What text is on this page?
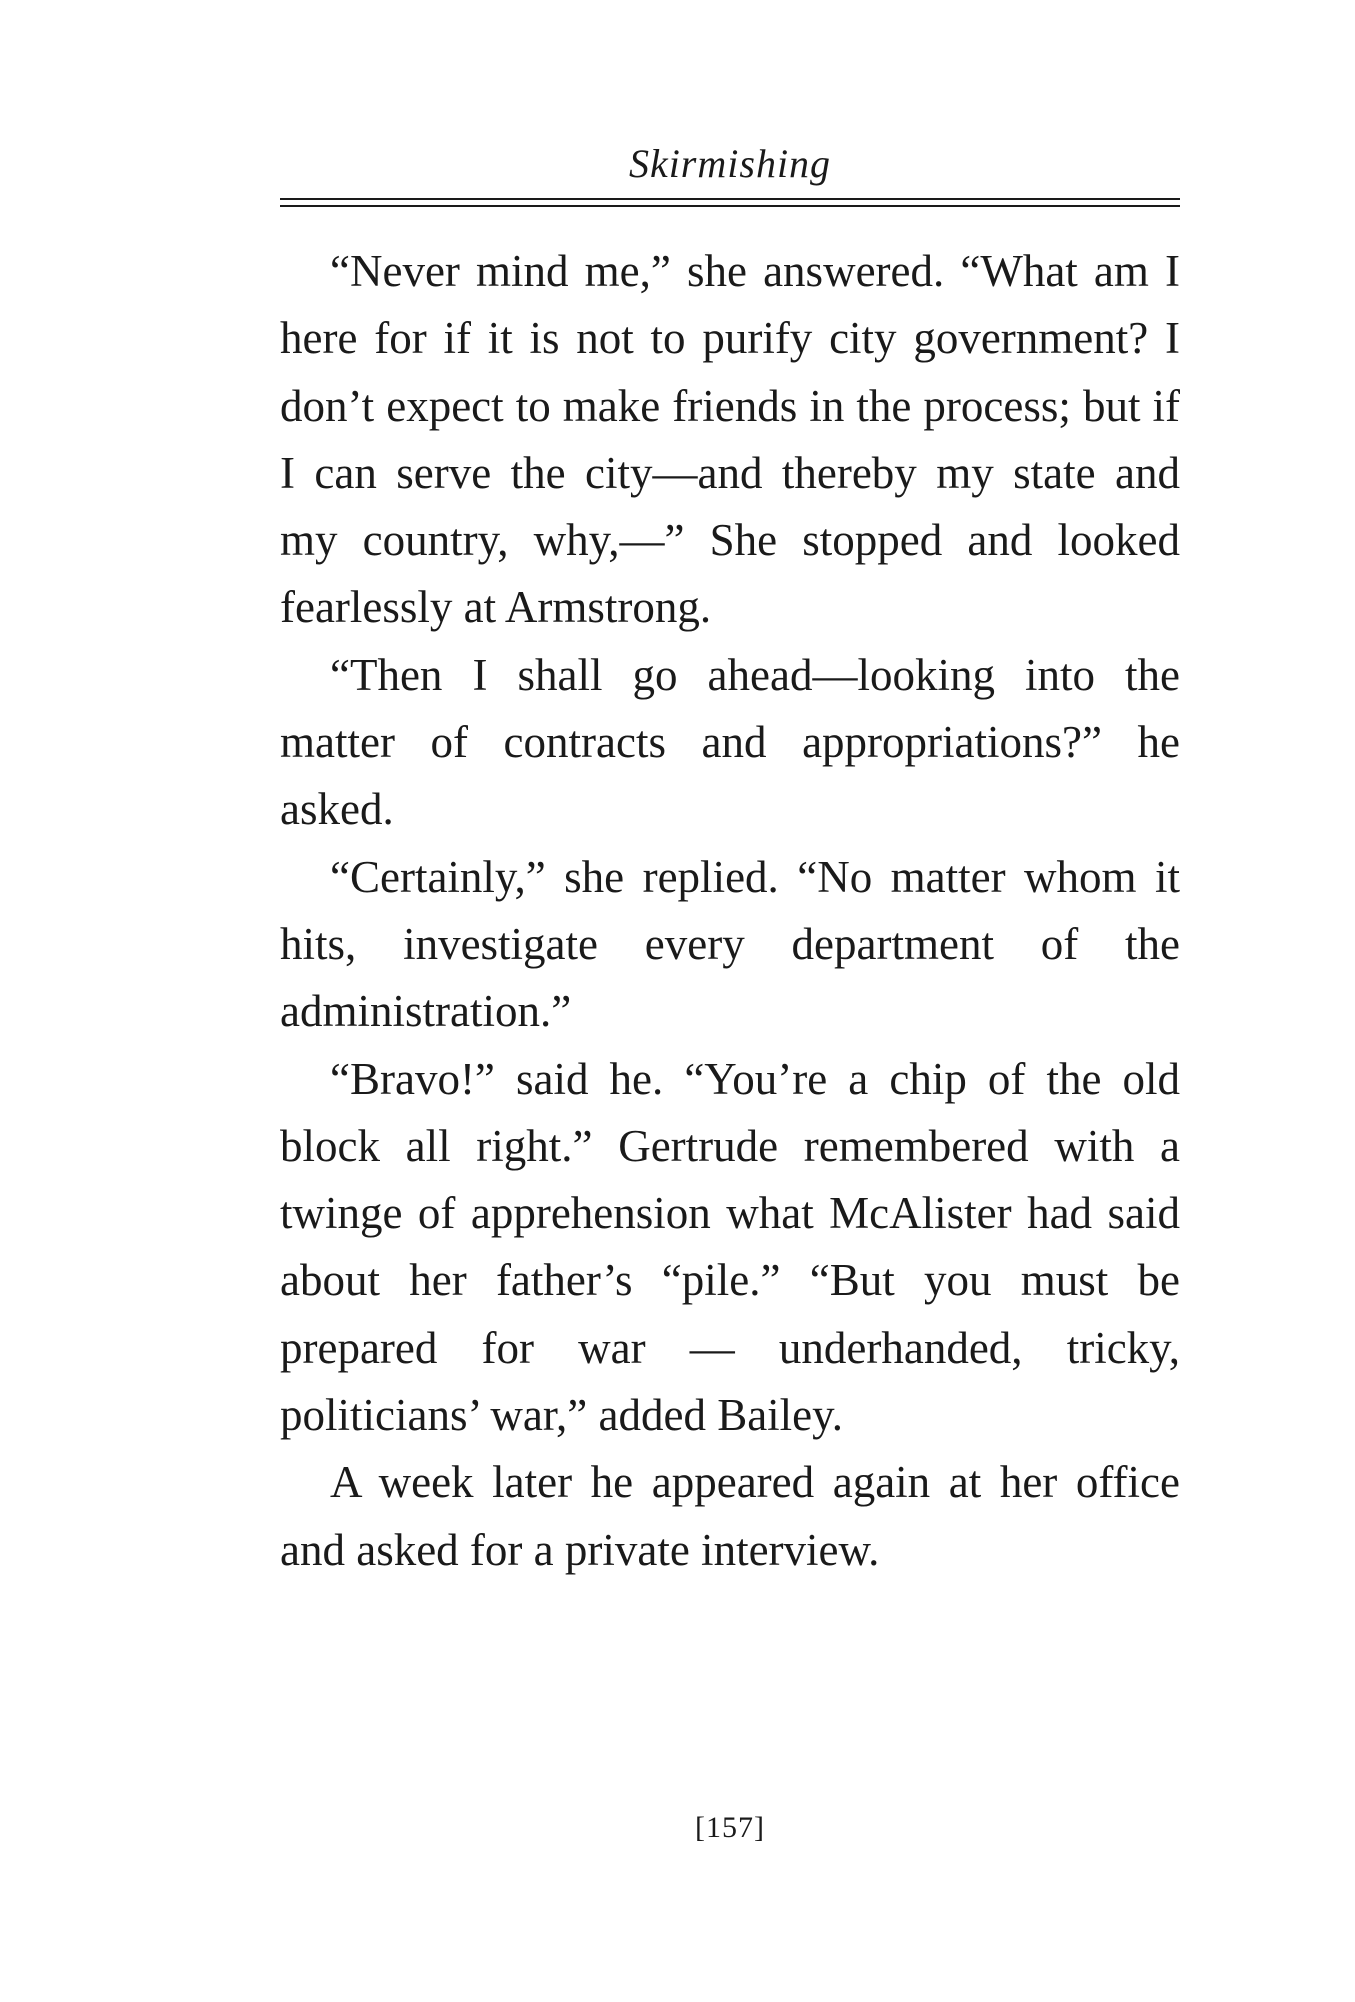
Skirmishing

“Never mind me,” she answered. “What am I here for if it is not to purify city government? I don’t expect to make friends in the process; but if I can serve the city—and thereby my state and my country, why,—” She stopped and looked fearlessly at Armstrong.

“Then I shall go ahead—looking into the matter of contracts and appropriations?” he asked.

“Certainly,” she replied. “No matter whom it hits, investigate every department of the administration.”

“Bravo!” said he. “You’re a chip of the old block all right.” Gertrude remembered with a twinge of apprehension what McAlister had said about her father’s “pile.” “But you must be prepared for war — underhanded, tricky, politicians’ war,” added Bailey.

A week later he appeared again at her office and asked for a private interview.

[157]
